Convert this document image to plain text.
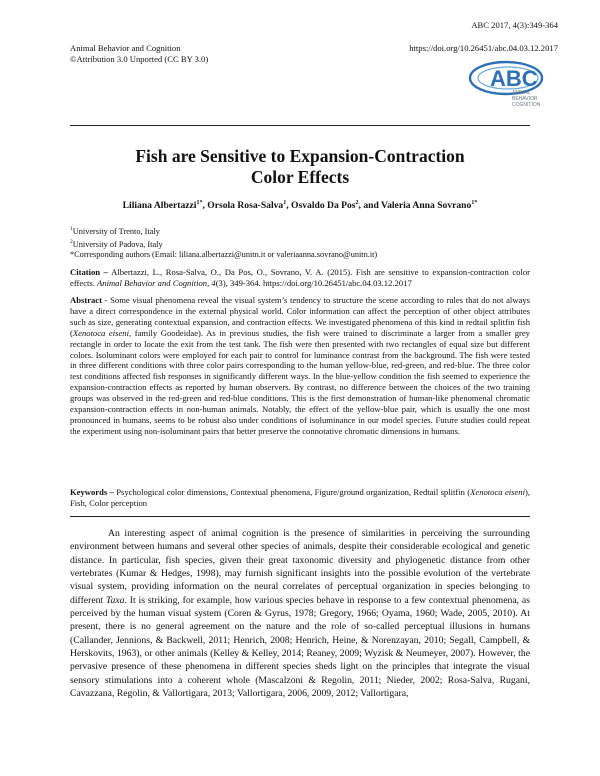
ABC 2017, 4(3):349-364
Animal Behavior and Cognition	https://doi.org/10.26451/abc.04.03.12.2017
©Attribution 3.0 Unported (CC BY 3.0)
ABC
ANIMAL
BEHAVIOR
COGNITION
Fish are Sensitive to Expansion-Contraction
Color Effects
Liliana Albertazzi$^{1*}$, Orsola Rosa-Salva$^1$, Osvaldo Da Pos$^2$, and Valeria Anna Sovrano$^{1*}$
$^1$University of Trento, Italy
$^2$University of Padova, Italy
*Corresponding authors (Email: liliana.albertazzi@unitn.it or valeriaanna.sovrano@unitn.it)
Citation – Albertazzi, L., Rosa-Salva, O., Da Pos, O., Sovrano, V. A. (2015). Fish are sensitive to expansion-contraction color effects. Animal Behavior and Cognition, 4(3), 349-364. https://doi.org/10.26451/abc.04.03.12.2017
Abstract - Some visual phenomena reveal the visual system’s tendency to structure the scene according to rules that do not always have a direct correspondence in the external physical world. Color information can affect the perception of other object attributes such as size, generating contextual expansion, and contraction effects. We investigated phenomena of this kind in redtail splitfin fish (Xenotoca eiseni, family Goodeidae). As in previous studies, the fish were trained to discriminate a larger from a smaller grey rectangle in order to locate the exit from the test tank. The fish were then presented with two rectangles of equal size but different colors. Isoluminant colors were employed for each pair to control for luminance contrast from the background. The fish were tested in three different conditions with three color pairs corresponding to the human yellow-blue, red-green, and red-blue. The three color test conditions affected fish responses in significantly different ways. In the blue-yellow condition the fish seemed to experience the expansion-contraction effects as reported by human observers. By contrast, no difference between the choices of the two training groups was observed in the red-green and red-blue conditions. This is the first demonstration of human-like phenomenal chromatic expansion-contraction effects in non-human animals. Notably, the effect of the yellow-blue pair, which is usually the one most pronounced in humans, seems to be robust also under conditions of isoluminance in our model species. Future studies could repeat the experiment using non-isoluminant pairs that better preserve the connotative chromatic dimensions in humans.
Keywords – Psychological color dimensions, Contextual phenomena, Figure/ground organization, Redtail splitfin (Xenotoca eiseni), Fish, Color perception
An interesting aspect of animal cognition is the presence of similarities in perceiving the surrounding environment between humans and several other species of animals, despite their considerable ecological and genetic distance. In particular, fish species, given their great taxonomic diversity and phylogenetic distance from other vertebrates (Kumar & Hedges, 1998), may furnish significant insights into the possible evolution of the vertebrate visual system, providing information on the neural correlates of perceptual organization in species belonging to different Taxa. It is striking, for example, how various species behave in response to a few contextual phenomena, as perceived by the human visual system (Coren & Gyrus, 1978; Gregory, 1966; Oyama, 1960; Wade, 2005, 2010). At present, there is no general agreement on the nature and the role of so-called perceptual illusions in humans (Callander, Jennions, & Backwell, 2011; Henrich, 2008; Henrich, Heine, & Norenzayan, 2010; Segall, Campbell, & Herskovits, 1963), or other animals (Kelley & Kelley, 2014; Reaney, 2009; Wyzisk & Neumeyer, 2007). However, the pervasive presence of these phenomena in different species sheds light on the principles that integrate the visual sensory stimulations into a coherent whole (Mascalzoni & Regolin, 2011; Nieder, 2002; Rosa-Salva, Rugani, Cavazzana, Regolin, & Vallortigara, 2013; Vallortigara, 2006, 2009, 2012; Vallortigara,
